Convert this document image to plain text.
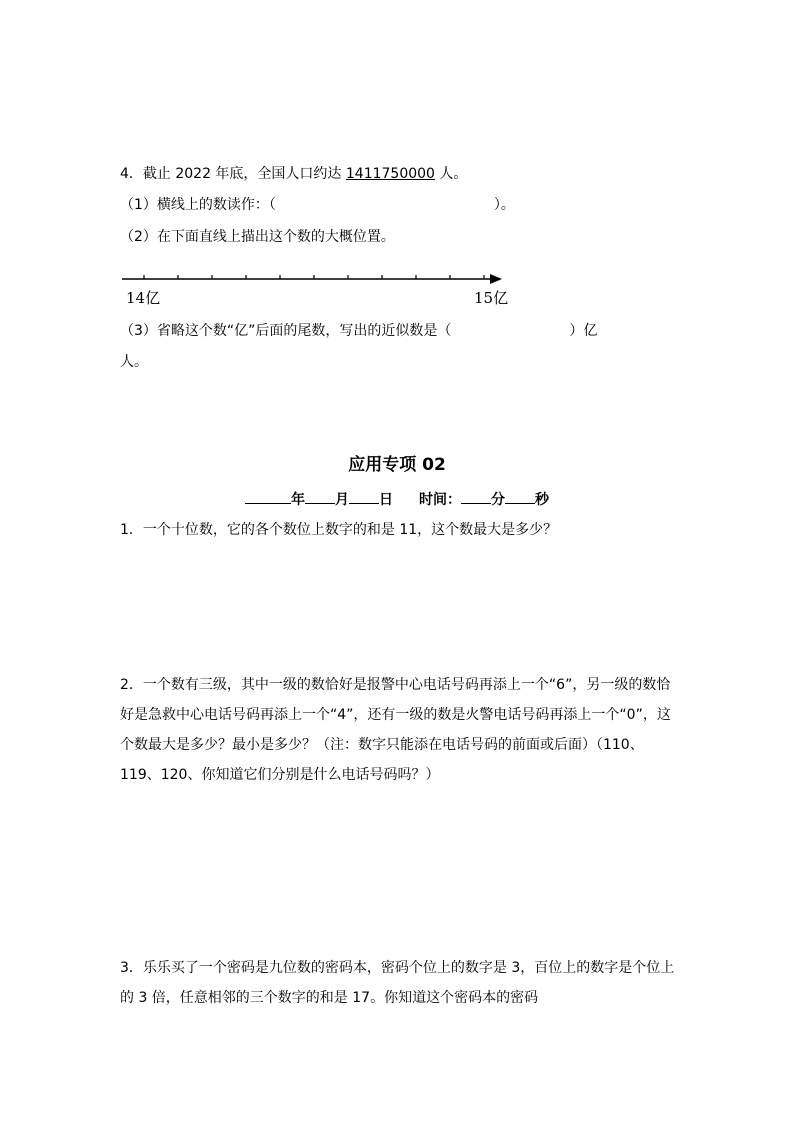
4．截止 2022 年底，全国人口约达 1411750000 人。
（1）横线上的数读作：（	）。
（2）在下面直线上描出这个数的大概位置。
14亿	15亿
（3）省略这个数“亿”后面的尾数，写出的近似数是（	）亿
人。
应用专项 02
年 月 日 时间： 分 秒
1．一个十位数，它的各个数位上数字的和是 11，这个数最大是多少？
2．一个数有三级，其中一级的数恰好是报警中心电话号码再添上一个“6”，另一级的数恰好是急救中心电话号码再添上一个“4”，还有一级的数是火警电话号码再添上一个“0”，这个数最大是多少？最小是多少？（注：数字只能添在电话号码的前面或后面）（110、119、120、你知道它们分别是什么电话号码吗？）
3．乐乐买了一个密码是九位数的密码本，密码个位上的数字是 3，百位上的数字是个位上的 3 倍，任意相邻的三个数字的和是 17。你知道这个密码本的密码
